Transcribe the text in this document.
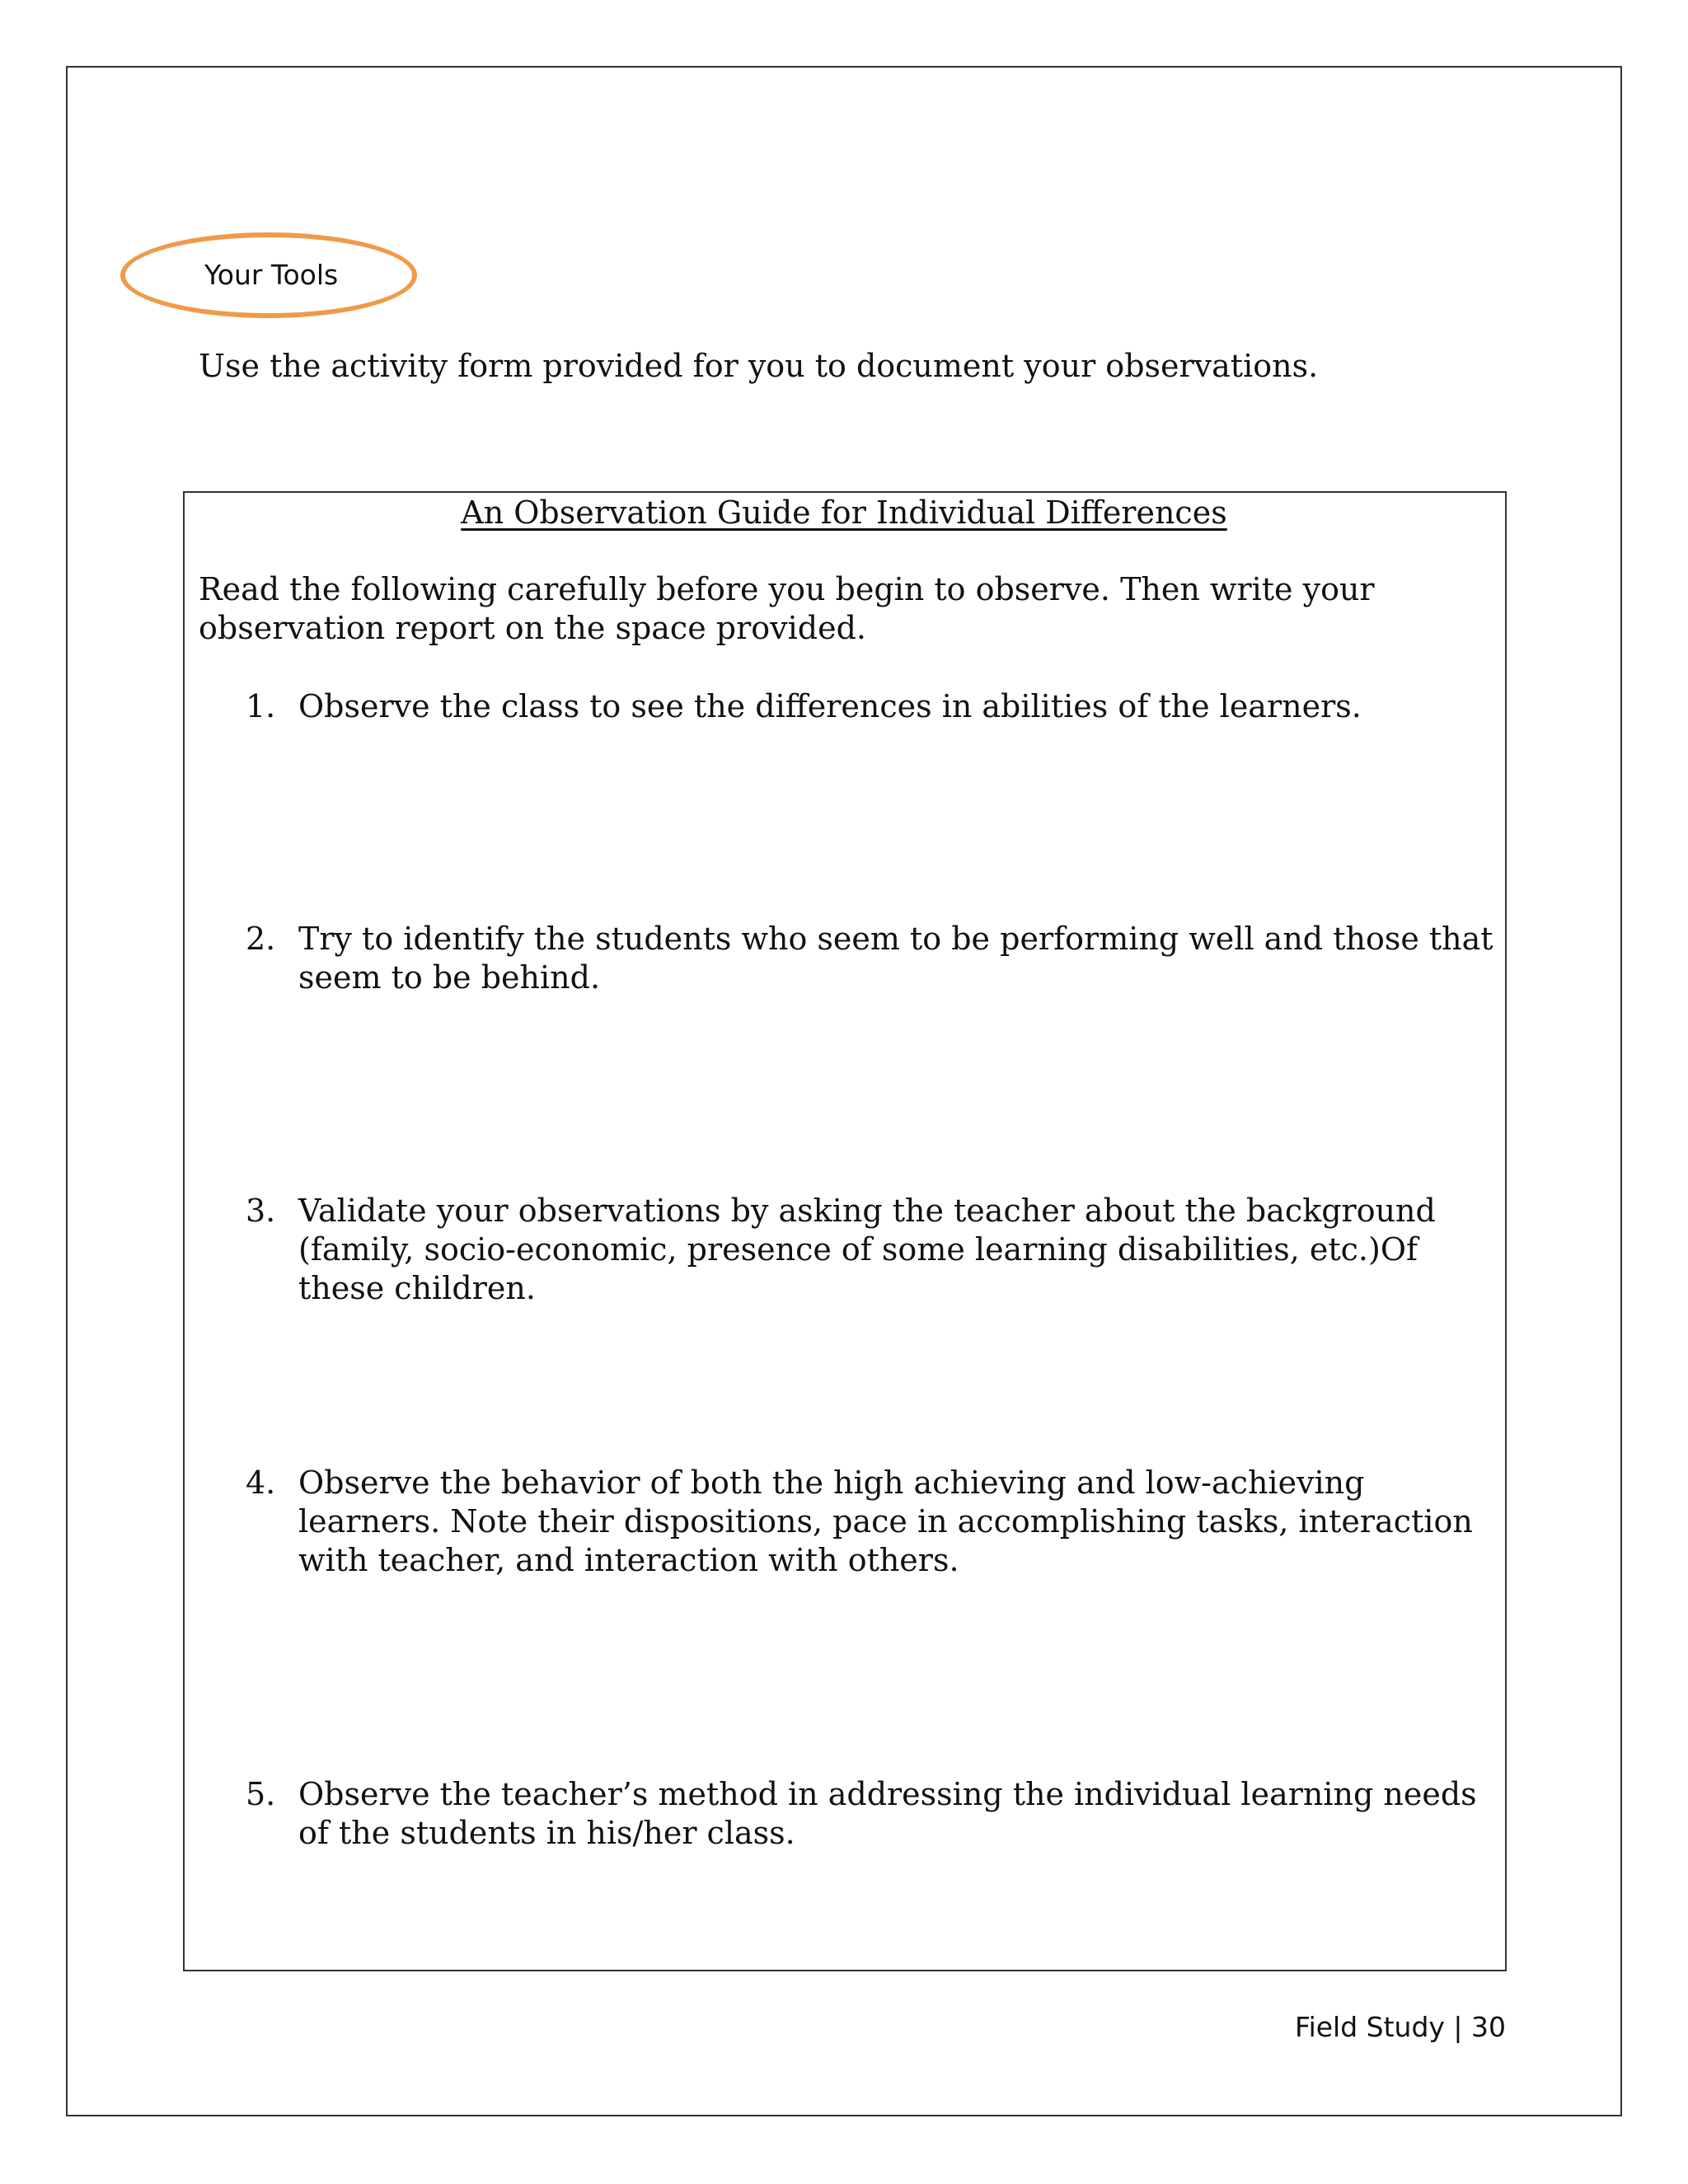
Your Tools
Use the activity form provided for you to document your observations.
An Observation Guide for Individual Differences
Read the following carefully before you begin to observe. Then write your observation report on the space provided.
1. Observe the class to see the differences in abilities of the learners.
2. Try to identify the students who seem to be performing well and those that seem to be behind.
3. Validate your observations by asking the teacher about the background (family, socio-economic, presence of some learning disabilities, etc.)Of these children.
4. Observe the behavior of both the high achieving and low-achieving learners. Note their dispositions, pace in accomplishing tasks, interaction with teacher, and interaction with others.
5. Observe the teacher’s method in addressing the individual learning needs of the students in his/her class.
Field Study | 30
